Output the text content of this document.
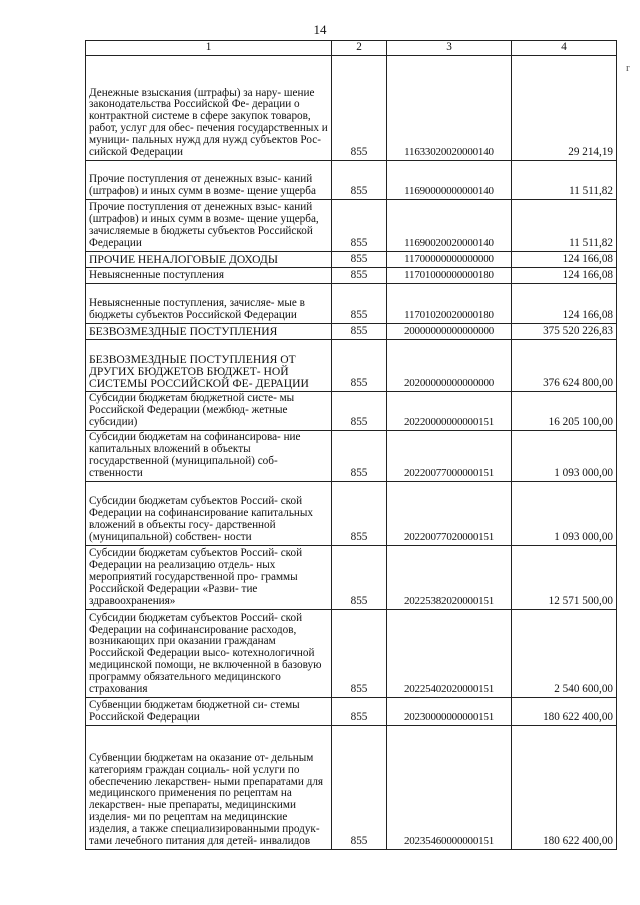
14
r
1	2	3	4
Денежные взыскания (штрафы) за нару- шение законодательства Российской Фе- дерации о контрактной системе в сфере закупок товаров, работ, услуг для обес- печения государственных и муници- пальных нужд для нужд субъектов Рос- сийской Федерации	855	11633020020000140	29 214,19
Прочие поступления от денежных взыс- каний (штрафов) и иных сумм в возме- щение ущерба	855	11690000000000140	11 511,82
Прочие поступления от денежных взыс- каний (штрафов) и иных сумм в возме- щение ущерба, зачисляемые в бюджеты субъектов Российской Федерации	855	11690020020000140	11 511,82
ПРОЧИЕ НЕНАЛОГОВЫЕ ДОХОДЫ	855	11700000000000000	124 166,08
Невыясненные поступления	855	11701000000000180	124 166,08
Невыясненные поступления, зачисляе- мые в бюджеты субъектов Российской Федерации	855	11701020020000180	124 166,08
БЕЗВОЗМЕЗДНЫЕ ПОСТУПЛЕНИЯ	855	20000000000000000	375 520 226,83
БЕЗВОЗМЕЗДНЫЕ ПОСТУПЛЕНИЯ ОТ ДРУГИХ БЮДЖЕТОВ БЮДЖЕТ- НОЙ СИСТЕМЫ РОССИЙСКОЙ ФЕ- ДЕРАЦИИ	855	20200000000000000	376 624 800,00
Субсидии бюджетам бюджетной систе- мы Российской Федерации (межбюд- жетные субсидии)	855	20220000000000151	16 205 100,00
Субсидии бюджетам на софинансирова- ние капитальных вложений в объекты государственной (муниципальной) соб- ственности	855	20220077000000151	1 093 000,00
Субсидии бюджетам субъектов Россий- ской Федерации на софинансирование капитальных вложений в объекты госу- дарственной (муниципальной) собствен- ности	855	20220077020000151	1 093 000,00
Субсидии бюджетам субъектов Россий- ской Федерации на реализацию отдель- ных мероприятий государственной про- граммы Российской Федерации «Разви- тие здравоохранения»	855	20225382020000151	12 571 500,00
Субсидии бюджетам субъектов Россий- ской Федерации на софинансирование расходов, возникающих при оказании гражданам Российской Федерации высо- котехнологичной медицинской помощи, не включенной в базовую программу обязательного медицинского страхования	855	20225402020000151	2 540 600,00
Субвенции бюджетам бюджетной си- стемы Российской Федерации	855	20230000000000151	180 622 400,00
Субвенции бюджетам на оказание от- дельным категориям граждан социаль- ной услуги по обеспечению лекарствен- ными препаратами для медицинского применения по рецептам на лекарствен- ные препараты, медицинскими изделия- ми по рецептам на медицинские изделия, а также специализированными продук- тами лечебного питания для детей- инвалидов	855	20235460000000151	180 622 400,00
